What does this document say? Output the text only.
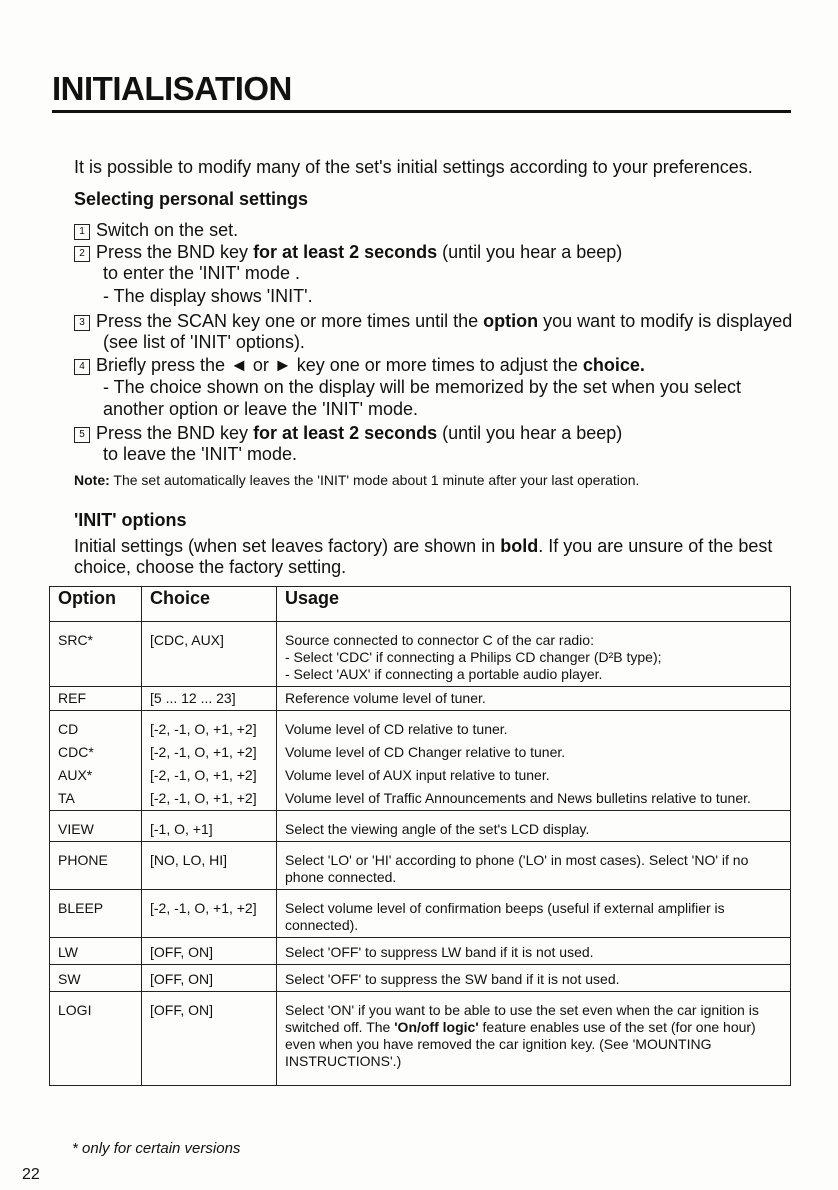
INITIALISATION
It is possible to modify many of the set's initial settings according to your preferences.
Selecting personal settings
1 Switch on the set.
2 Press the BND key for at least 2 seconds (until you hear a beep)
to enter the 'INIT' mode .
- The display shows 'INIT'.
3 Press the SCAN key one or more times until the option you want to modify is displayed
(see list of 'INIT' options).
4 Briefly press the ◄ or ► key one or more times to adjust the choice.
- The choice shown on the display will be memorized by the set when you select
another option or leave the 'INIT' mode.
5 Press the BND key for at least 2 seconds (until you hear a beep)
to leave the 'INIT' mode.
Note: The set automatically leaves the 'INIT' mode about 1 minute after your last operation.
'INIT' options
Initial settings (when set leaves factory) are shown in bold. If you are unsure of the best
choice, choose the factory setting.
Option	Choice	Usage
SRC*	[CDC, AUX]	Source connected to connector C of the car radio:
- Select 'CDC' if connecting a Philips CD changer (D²B type);
- Select 'AUX' if connecting a portable audio player.

REF	[5 ... 12 ... 23]	Reference volume level of tuner.
CD	[-2, -1, O, +1, +2]	Volume level of CD relative to tuner.
CDC*	[-2, -1, O, +1, +2]	Volume level of CD Changer relative to tuner.
AUX*	[-2, -1, O, +1, +2]	Volume level of AUX input relative to tuner.
TA	[-2, -1, O, +1, +2]	Volume level of Traffic Announcements and News bulletins relative to tuner.
VIEW	[-1, O, +1]	Select the viewing angle of the set's LCD display.
PHONE	[NO, LO, HI]	Select 'LO' or 'HI' according to phone ('LO' in most cases). Select 'NO' if no phone connected.
BLEEP	[-2, -1, O, +1, +2]	Select volume level of confirmation beeps (useful if external amplifier is connected).
LW	[OFF, ON]	Select 'OFF' to suppress LW band if it is not used.
SW	[OFF, ON]	Select 'OFF' to suppress the SW band if it is not used.
LOGI	[OFF, ON]	Select 'ON' if you want to be able to use the set even when the car ignition is switched off. The 'On/off logic' feature enables use of the set (for one hour) even when you have removed the car ignition key. (See 'MOUNTING INSTRUCTIONS'.)
* only for certain versions
22
